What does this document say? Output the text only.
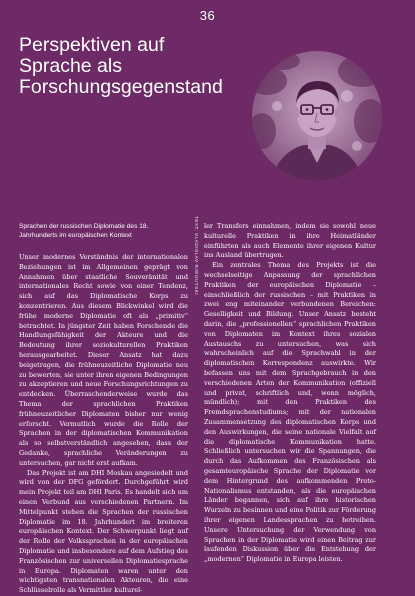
36
Perspektiven auf Sprache als Forschungsgegenstand
TEXT: VLADISLAV RJÉOUTSKI
Sprachen der russischen Diplomatie des 18. Jahrhunderts im europäischen Kontext

Unser modernes Verständnis der internationalen Beziehungen ist im Allgemeinen geprägt von Annahmen über staatliche Souveränität und internationales Recht sowie von einer Tendenz, sich auf das Diplomatische Korps zu konzentrieren. Aus diesem Blickwinkel wird die frühe moderne Diplomatie oft als „primitiv“ betrachtet. In jüngster Zeit haben Forschende die Handlungsfähigkeit der Akteure und die Bedeutung ihrer soziokulturellen Praktiken herausgearbeitet. Dieser Ansatz hat dazu beigetragen, die frühneuzeitliche Diplomatie neu zu bewerten, sie unter ihren eigenen Bedingungen zu akzeptieren und neue Forschungsrichtungen zu entdecken. Überraschenderweise wurde das Thema der sprachlichen Praktiken frühneuzeitlicher Diplomaten bisher nur wenig erforscht. Vermutlich wurde die Rolle der Sprachen in der diplomatischen Kommunikation als so selbstverständlich angesehen, dass der Gedanke, sprachliche Veränderungen zu untersuchen, gar nicht erst aufkam.

Das Projekt ist am DHI Moskau angesiedelt und wird von der DFG gefördert. Durchgeführt wird mein Projekt teil am DHI Paris. Es handelt sich um einen Verbund aus verschiedenen Partnern. Im Mittelpunkt stehen die Sprachen der russischen Diplomatie im 18. Jahrhundert im breiteren europäischen Kontext. Der Schwerpunkt liegt auf der Rolle der Volkssprachen in der europäischen Diplomatie und insbesondere auf dem Aufstieg des Französischen zur universellen Diplomatiesprache in Europa. Diplomaten waren unter den wichtigsten transnationalen Akteuren, die eine Schlüsselrolle als Vermittler kulturel-

ler Transfers einnahmen, indem sie sowohl neue kulturelle Praktiken in ihre Heimatländer einführten als auch Elemente ihrer eigenen Kultur ins Ausland übertrugen.

Ein zentrales Thema des Projekts ist die wechselseitige Anpassung der sprachlichen Praktiken der europäischen Diplomatie – einschließlich der russischen – mit Praktiken in zwei eng miteinander verbundenen Bereichen: Geselligkeit und Bildung. Unser Ansatz besteht darin, die „professionellen“ sprachlichen Praktiken von Diplomaten im Kontext ihres sozialen Austauschs zu untersuchen, was sich wahrscheinlich auf die Sprachwahl in der diplomatischen Korrespondenz auswirkte. Wir befassen uns mit dem Sprachgebrauch in den verschiedenen Arten der Kommunikation (offiziell und privat, schriftlich und, wenn möglich, mündlich); mit den Praktiken des Fremdsprachenstudiums; mit der nationalen Zusammensetzung des diplomatischen Korps und den Auswirkungen, die seine nationale Vielfalt auf die diplomatische Kommunikation hatte. Schließlich untersuchen wir die Spannungen, die durch das Aufkommen des Französischen als gesamteuropäische Sprache der Diplomatie vor dem Hintergrund des aufkommenden Proto-Nationalismus entstanden, als die europäischen Länder begannen, sich auf ihre historischen Wurzeln zu besinnen und eine Politik zur Förderung ihrer eigenen Landessprachen zu betreiben. Unsere Untersuchung der Verwendung von Sprachen in der Diplomatie wird einen Beitrag zur laufenden Diskussion über die Entstehung der „modernen“ Diplomatie in Europa leisten.
